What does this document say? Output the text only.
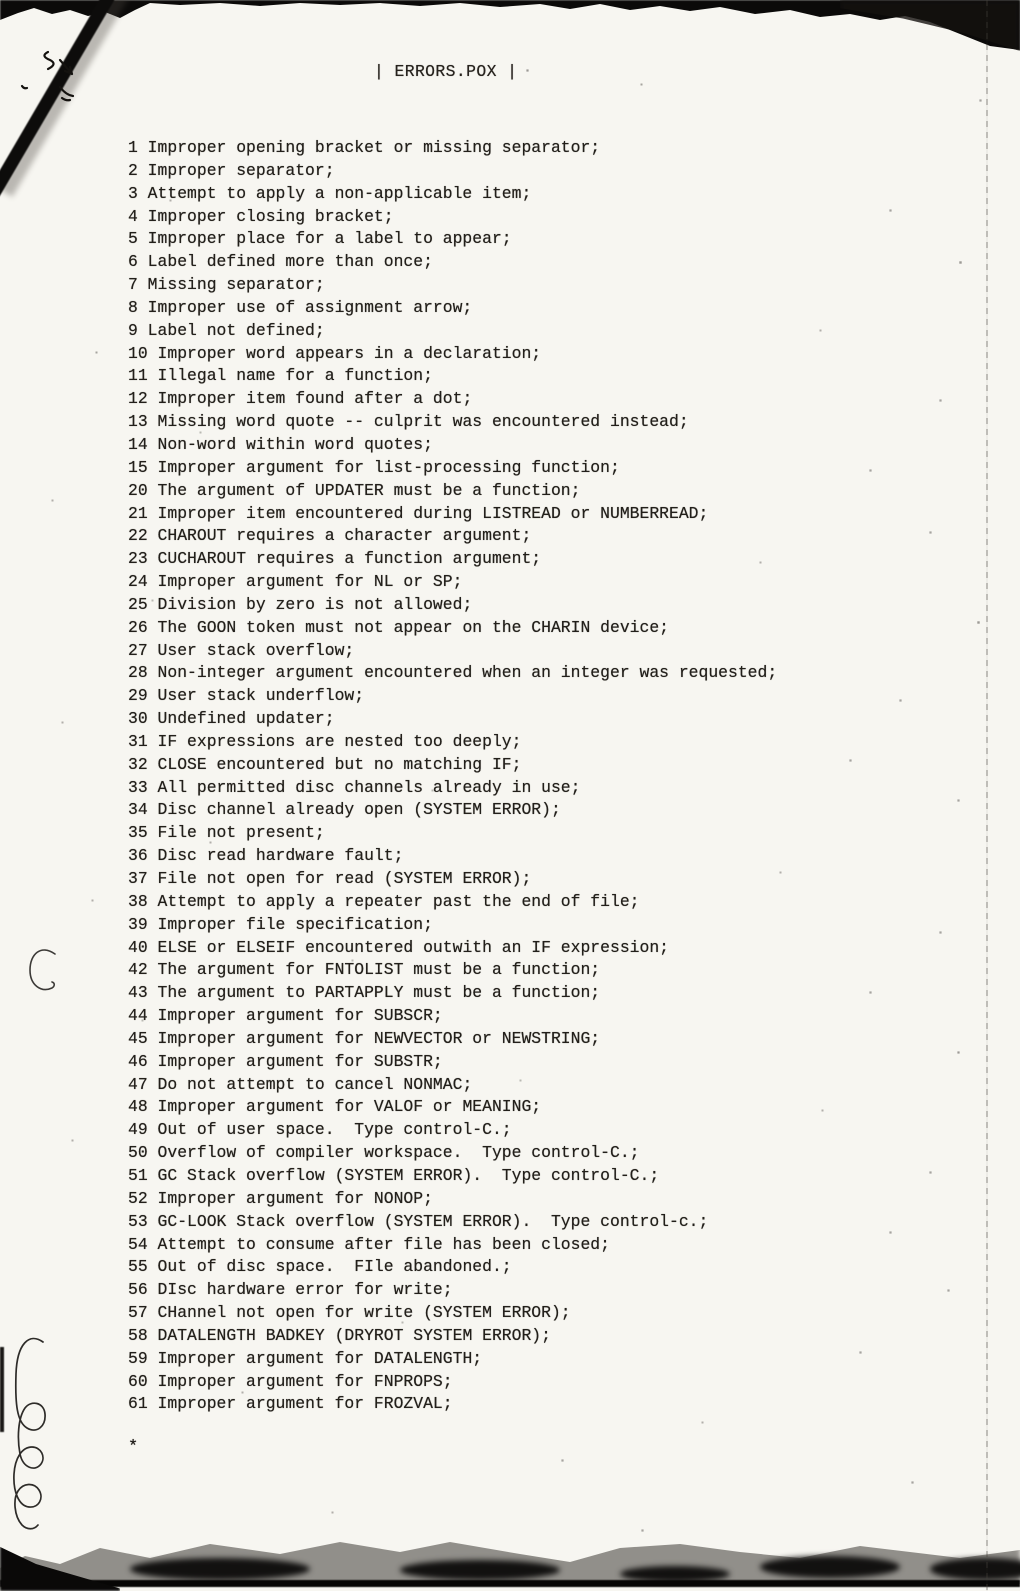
| ERRORS.POX |
1 Improper opening bracket or missing separator;
2 Improper separator;
3 Attempt to apply a non-applicable item;
4 Improper closing bracket;
5 Improper place for a label to appear;
6 Label defined more than once;
7 Missing separator;
8 Improper use of assignment arrow;
9 Label not defined;
10 Improper word appears in a declaration;
11 Illegal name for a function;
12 Improper item found after a dot;
13 Missing word quote -- culprit was encountered instead;
14 Non-word within word quotes;
15 Improper argument for list-processing function;
20 The argument of UPDATER must be a function;
21 Improper item encountered during LISTREAD or NUMBERREAD;
22 CHAROUT requires a character argument;
23 CUCHAROUT requires a function argument;
24 Improper argument for NL or SP;
25 Division by zero is not allowed;
26 The GOON token must not appear on the CHARIN device;
27 User stack overflow;
28 Non-integer argument encountered when an integer was requested;
29 User stack underflow;
30 Undefined updater;
31 IF expressions are nested too deeply;
32 CLOSE encountered but no matching IF;
33 All permitted disc channels already in use;
34 Disc channel already open (SYSTEM ERROR);
35 File not present;
36 Disc read hardware fault;
37 File not open for read (SYSTEM ERROR);
38 Attempt to apply a repeater past the end of file;
39 Improper file specification;
40 ELSE or ELSEIF encountered outwith an IF expression;
42 The argument for FNTOLIST must be a function;
43 The argument to PARTAPPLY must be a function;
44 Improper argument for SUBSCR;
45 Improper argument for NEWVECTOR or NEWSTRING;
46 Improper argument for SUBSTR;
47 Do not attempt to cancel NONMAC;
48 Improper argument for VALOF or MEANING;
49 Out of user space.  Type control-C.;
50 Overflow of compiler workspace.  Type control-C.;
51 GC Stack overflow (SYSTEM ERROR).  Type control-C.;
52 Improper argument for NONOP;
53 GC-LOOK Stack overflow (SYSTEM ERROR).  Type control-c.;
54 Attempt to consume after file has been closed;
55 Out of disc space.  FIle abandoned.;
56 DIsc hardware error for write;
57 CHannel not open for write (SYSTEM ERROR);
58 DATALENGTH BADKEY (DRYROT SYSTEM ERROR);
59 Improper argument for DATALENGTH;
60 Improper argument for FNPROPS;
61 Improper argument for FROZVAL;
*
